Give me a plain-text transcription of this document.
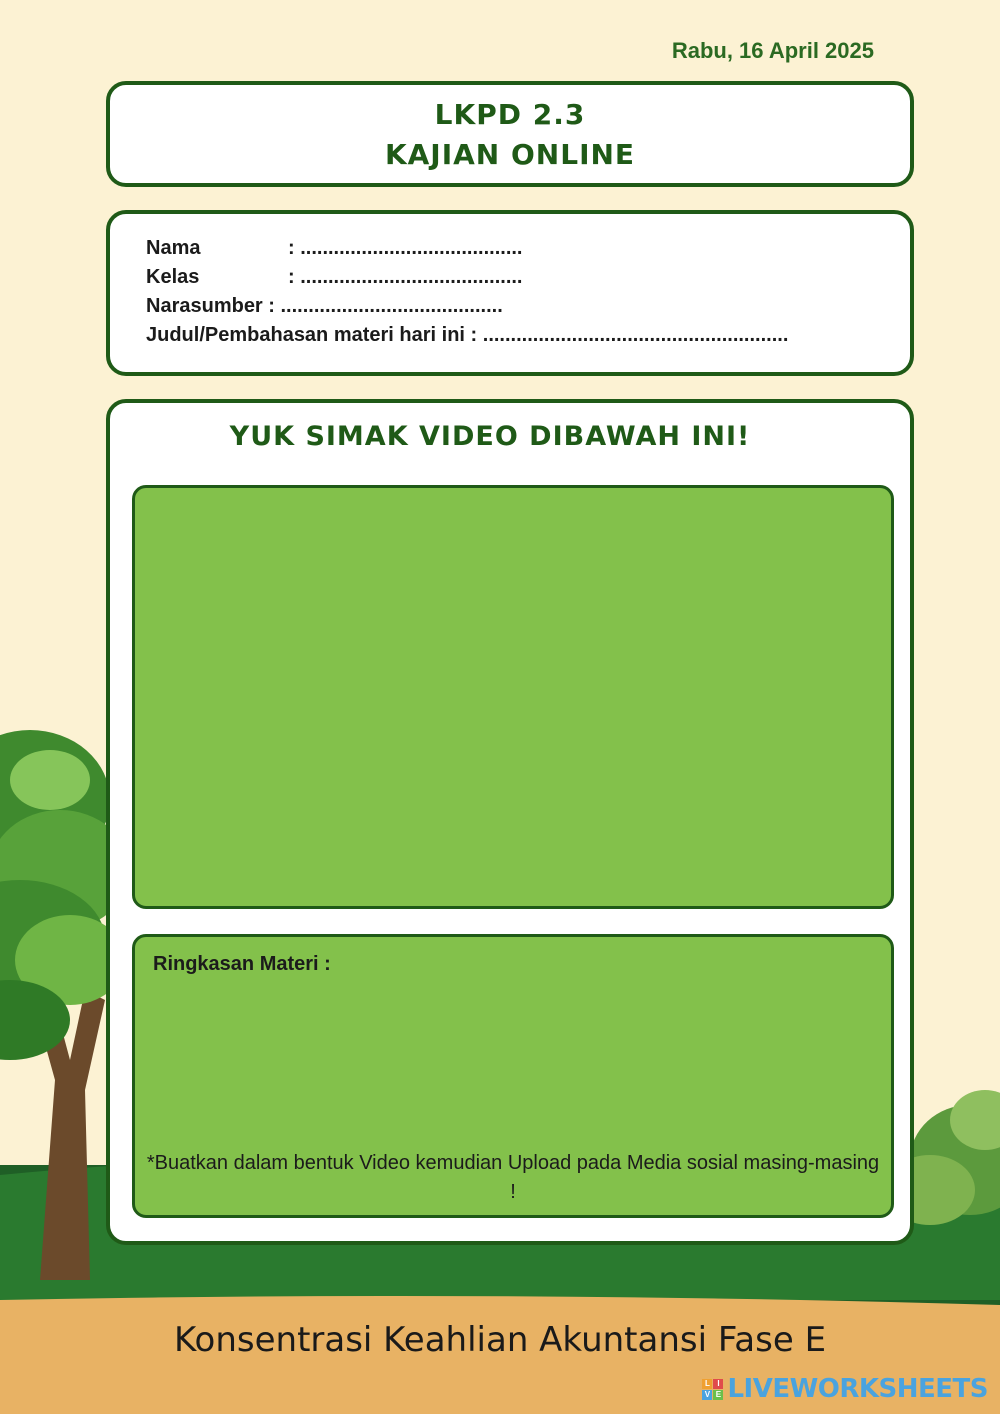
Rabu, 16 April 2025
LKPD 2.3
KAJIAN ONLINE
Nama	: ........................................
Kelas	: ........................................
Narasumber : ........................................
Judul/Pembahasan materi hari ini : .......................................................
YUK SIMAK VIDEO DIBAWAH INI!
Ringkasan Materi :
*Buatkan dalam bentuk Video kemudian Upload pada Media sosial masing-masing !
Konsentrasi Keahlian Akuntansi Fase E
L I
V E LIVEWORKSHEETS
